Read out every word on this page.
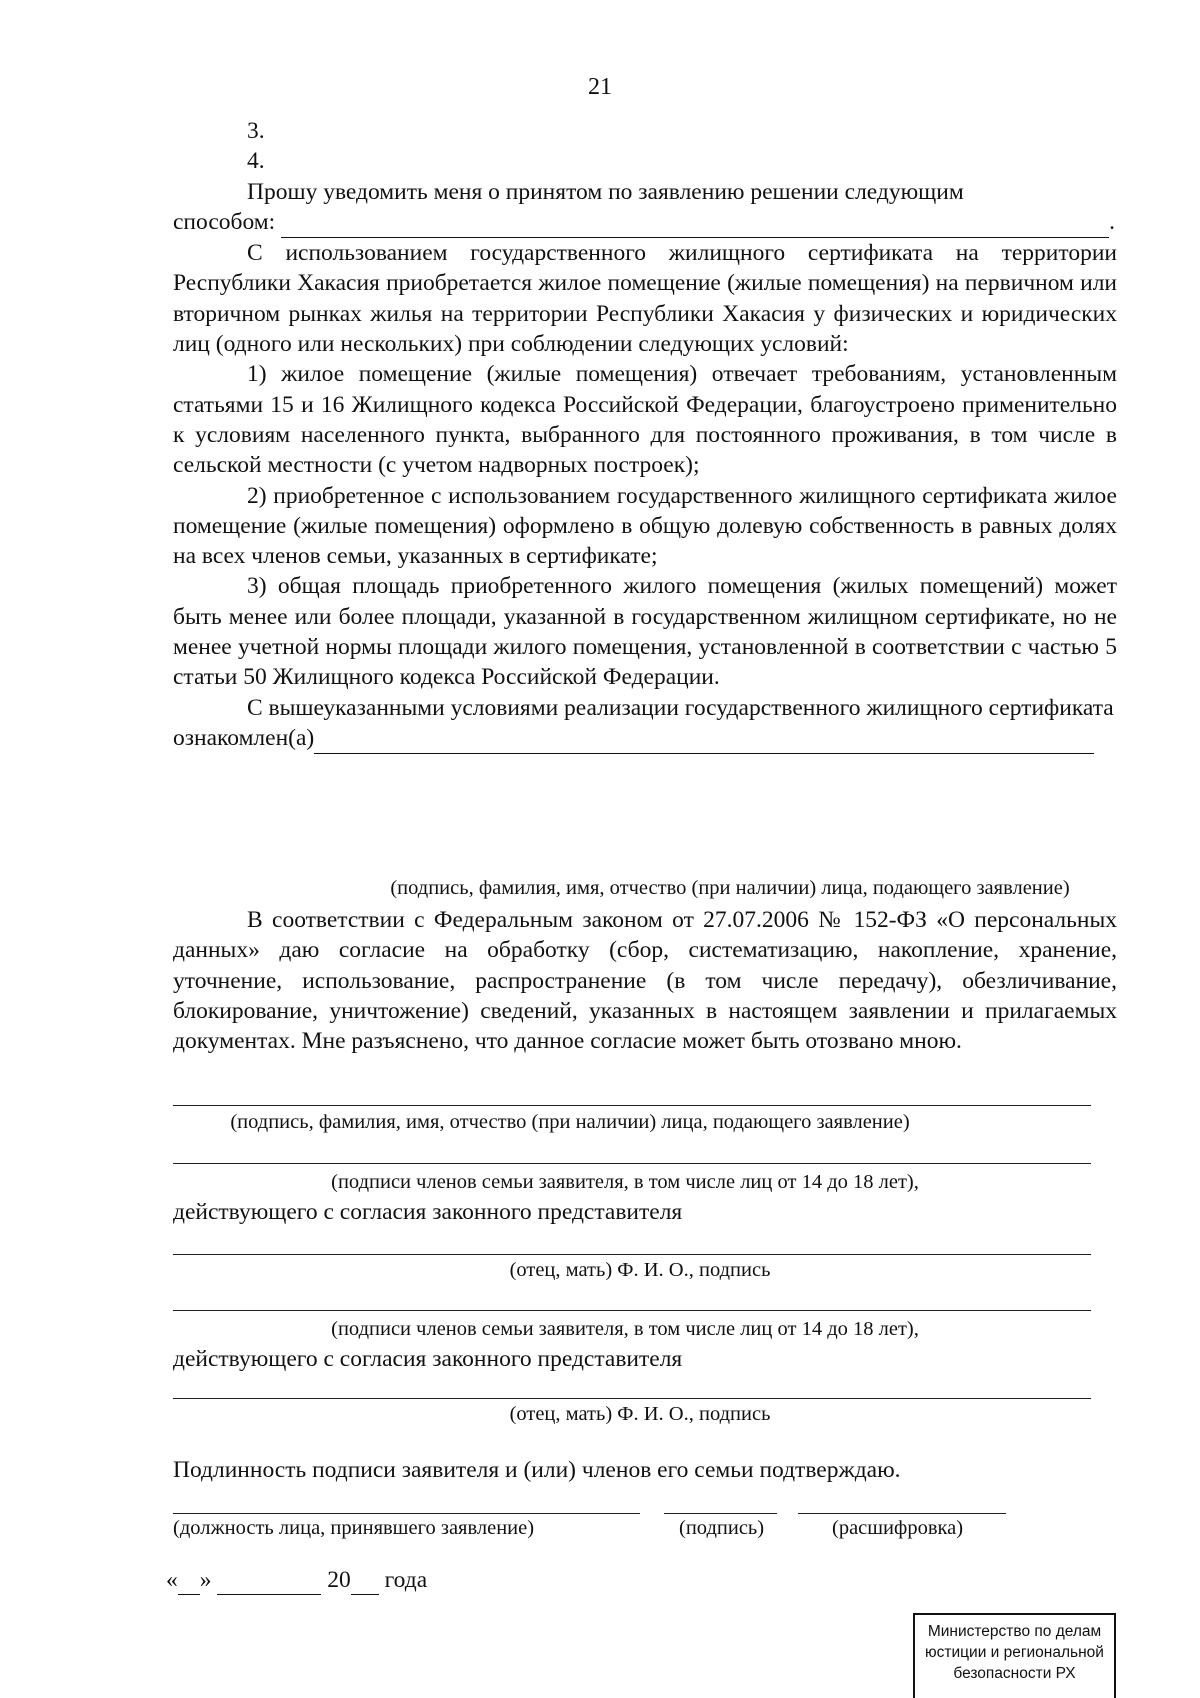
21

3.

4.

Прошу уведомить меня о принятом по заявлению решении следующим

способом:	.

С использованием государственного жилищного сертификата на территории Республики Хакасия приобретается жилое помещение (жилые помещения) на первичном или вторичном рынках жилья на территории Республики Хакасия у физических и юридических лиц (одного или нескольких) при соблюдении следующих условий:

1) жилое помещение (жилые помещения) отвечает требованиям, установленным статьями 15 и 16 Жилищного кодекса Российской Федерации, благоустроено применительно к условиям населенного пункта, выбранного для постоянного проживания, в том числе в сельской местности (с учетом надворных построек);

2) приобретенное с использованием государственного жилищного сертификата жилое помещение (жилые помещения) оформлено в общую долевую собственность в равных долях на всех членов семьи, указанных в сертификате;

3) общая площадь приобретенного жилого помещения (жилых помещений) может быть менее или более площади, указанной в государственном жилищном сертификате, но не менее учетной нормы площади жилого помещения, установленной в соответствии с частью 5 статьи 50 Жилищного кодекса Российской Федерации.

С вышеуказанными условиями реализации государственного жилищного сертификата

ознакомлен(а)

(подпись, фамилия, имя, отчество (при наличии) лица, подающего заявление)

В соответствии с Федеральным законом от 27.07.2006 № 152-ФЗ «О персональных данных» даю согласие на обработку (сбор, систематизацию, накопление, хранение, уточнение, использование, распространение (в том числе передачу), обезличивание, блокирование, уничтожение) сведений, указанных в настоящем заявлении и прилагаемых документах. Мне разъяснено, что данное согласие может быть отозвано мною.

(подпись, фамилия, имя, отчество (при наличии) лица, подающего заявление)
(подписи членов семьи заявителя, в том числе лиц от 14 до 18 лет),
действующего с согласия законного представителя
(отец, мать) Ф. И. О., подпись
(подписи членов семьи заявителя, в том числе лиц от 14 до 18 лет),
действующего с согласия законного представителя
(отец, мать) Ф. И. О., подпись
Подлинность подписи заявителя и (или) членов его семьи подтверждаю.
(должность лица, принявшего заявление)	(подпись)	(расшифровка)
« »	20 года
Министерство по делам
юстиции и региональной
безопасности РХ
